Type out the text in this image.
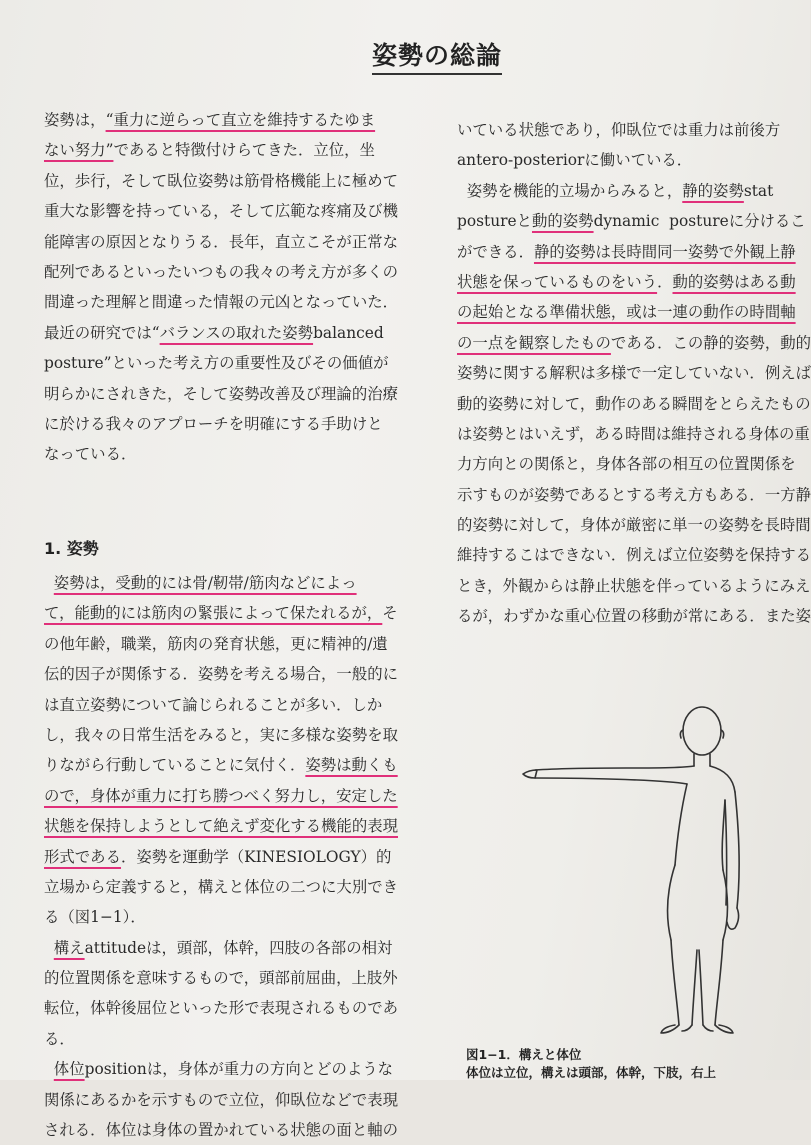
姿勢の総論
姿勢は，“重力に逆らって直立を維持するたゆま
ない努力”であると特徴付けらてきた．立位，坐
位，歩行，そして臥位姿勢は筋骨格機能上に極めて
重大な影響を持っている，そして広範な疼痛及び機
能障害の原因となりうる．長年，直立こそが正常な
配列であるといったいつもの我々の考え方が多くの
間違った理解と間違った情報の元凶となっていた．
最近の研究では“バランスの取れた姿勢balanced
posture”といった考え方の重要性及びその価値が
明らかにされきた，そして姿勢改善及び理論的治療
に於ける我々のアプローチを明確にする手助けと
なっている．
1. 姿勢
姿勢は，受動的には骨/靭帯/筋肉などによっ
て，能動的には筋肉の緊張によって保たれるが，そ
の他年齢，職業，筋肉の発育状態，更に精神的/遺
伝的因子が関係する．姿勢を考える場合，一般的に
は直立姿勢について論じられることが多い．しか
し，我々の日常生活をみると，実に多様な姿勢を取
りながら行動していることに気付く．姿勢は動くも
ので，身体が重力に打ち勝つべく努力し，安定した
状態を保持しようとして絶えず変化する機能的表現
形式である．姿勢を運動学（KINESIOLOGY）的
立場から定義すると，構えと体位の二つに大別でき
る（図1−1）．
構えattitudeは，頭部，体幹，四肢の各部の相対
的位置関係を意味するもので，頭部前屈曲，上肢外
転位，体幹後屈位といった形で表現されるものであ
る．
体位positionは，身体が重力の方向とどのような
関係にあるかを示すもので立位，仰臥位などで表現
される．体位は身体の置かれている状態の面と軸の
いている状態であり，仰臥位では重力は前後方
antero-posteriorに働いている．
姿勢を機能的立場からみると，静的姿勢stat
postureと動的姿勢dynamic  postureに分けるこ
ができる．静的姿勢は長時間同一姿勢で外観上静
状態を保っているものをいう．動的姿勢はある動
の起始となる準備状態，或は一連の動作の時間軸
の一点を観察したものである．この静的姿勢，動的
姿勢に関する解釈は多様で一定していない．例えば
動的姿勢に対して，動作のある瞬間をとらえたもの
は姿勢とはいえず，ある時間は維持される身体の重
力方向との関係と，身体各部の相互の位置関係を
示すものが姿勢であるとする考え方もある．一方静
的姿勢に対して，身体が厳密に単一の姿勢を長時間
維持するこはできない．例えば立位姿勢を保持する
とき，外観からは静止状態を伴っているようにみえ
るが，わずかな重心位置の移動が常にある．また姿
図1−1．構えと体位
体位は立位，構えは頭部，体幹，下肢，右上
